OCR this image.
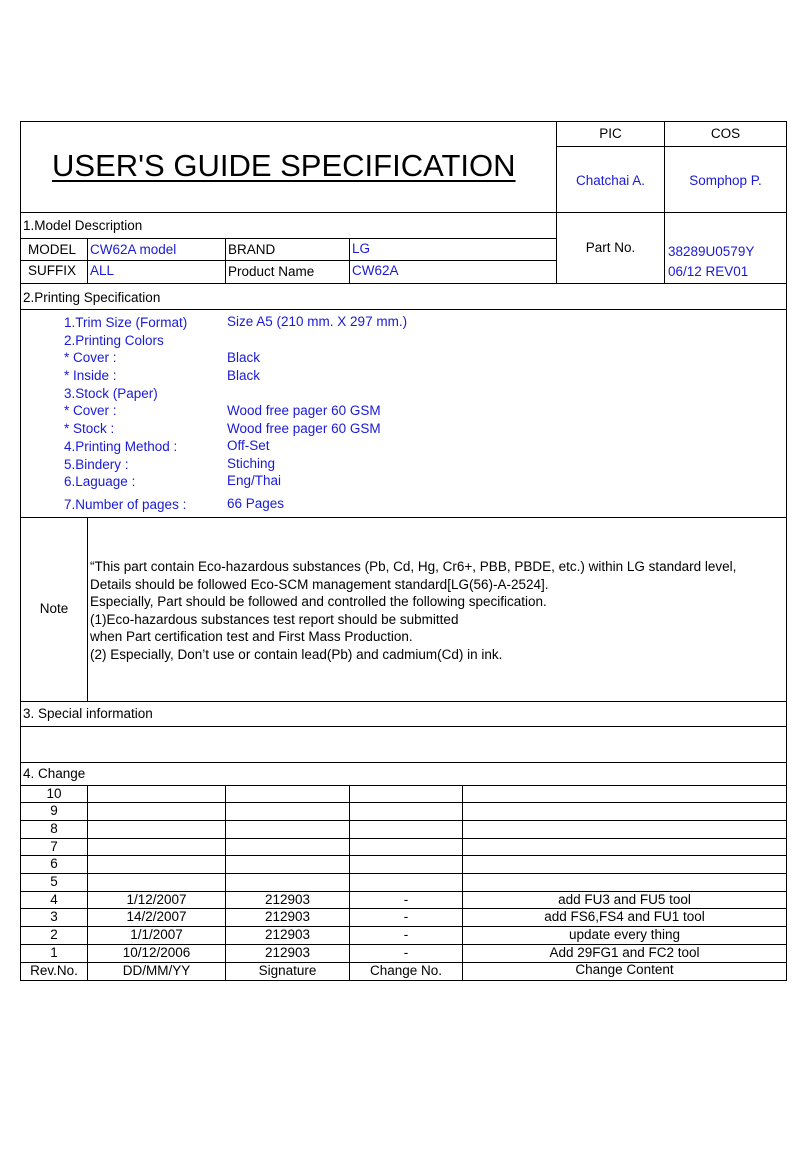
USER'S GUIDE SPECIFICATION
PIC	COS
Chatchai A.	Somphop P.
1.Model Description
MODEL CW62A model	BRAND	LG
SUFFIX ALL	Product Name	CW62A
Part No.	38289U0579Y
06/12 REV01
2.Printing Specification
1.Trim Size (Format)	Size A5 (210 mm. X 297 mm.)
2.Printing Colors
* Cover :	Black
* Inside :	Black
3.Stock (Paper)
* Cover :	Wood free pager 60 GSM
* Stock :	Wood free pager 60 GSM
4.Printing Method :	Off-Set
5.Bindery :	Stiching
6.Laguage :	Eng/Thai
7.Number of pages :	66 Pages
Note
“This part contain Eco-hazardous substances (Pb, Cd, Hg, Cr6+, PBB, PBDE, etc.) within LG standard level,
Details should be followed Eco-SCM management standard[LG(56)-A-2524].
Especially, Part should be followed and controlled the following specification.
(1)Eco-hazardous substances test report should be submitted
when Part certification test and First Mass Production.
(2) Especially, Don’t use or contain lead(Pb) and cadmium(Cd) in ink.
3. Special information
4. Change
10
9
8
7
6
5
4	1/12/2007	212903	-	add FU3 and FU5 tool
3	14/2/2007	212903	-	add FS6,FS4 and FU1 tool
2	1/1/2007	212903	-	update every thing
1	10/12/2006	212903	-	Add 29FG1 and FC2 tool
Rev.No.	DD/MM/YY	Signature	Change No.	Change Content
